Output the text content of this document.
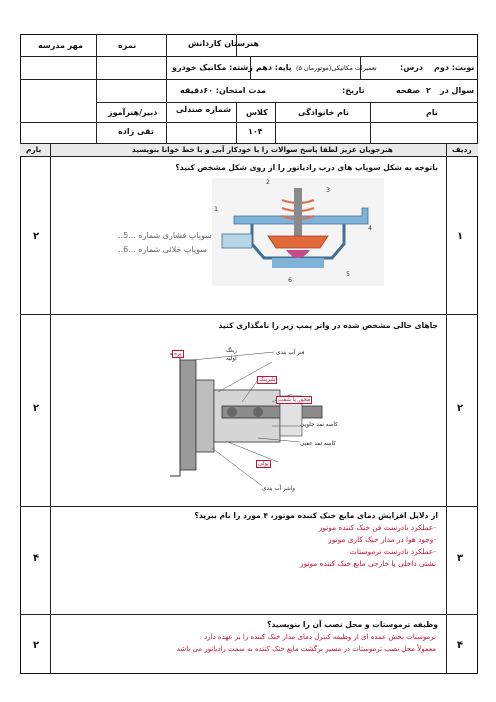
مهر مدرسه	نمره	هنرستان کاردانش
نوبت: دوم
درس:
تعمیرات مکانیکی(موتورمان ۵)
پایه: دهم
رشته: مکانیک خودرو
سوال در
۲
صفحه
تاریخ:
مدت امتحان: ۶۰دقیقه
نام
نام خانوادگی
کلاس
شماره صندلی
دبیر/هنرآموز
۱۰۴
تقی زاده
ردیف
هنرجویان عزیز لطفا پاسخ سوالات را با خودکار آبی و با خط خوانا بنویسید
بارم
۱
۲
باتوجه به شکل سوپاپ های درب رادیاتور را از روی شکل مشخص کنید؟
سوپاپ فشاری شماره ...5..
سوپاپ خلائی شماره ...6..
1
2
3
4
5
6
۲
۲
جاهای خالی مشخص شده در واتر پمپ زیر را نامگذاری کنید
فنر آب بندی
رینگ
اولیه
کاسه نمد جلویی
کاسه نمد عقبی
واشر آب بندی
پره
بلبرینگ
محور یا شفت
پولی
۳
۴
از دلایل افزایش دمای مایع خنک کننده موتور، ۴ مورد را نام ببرید؟
-عملکرد نادرست فن خنک کننده موتور
-وجود هوا در مدار خنک کاری موتور
-عملکرد نادرست ترموستات
نشتی داخلی یا خارجی مایع خنک کننده موتور
۴
۲
وظیفه ترموستات و محل نصب آن را بنویسید؟
ترموستات بخش عمده ای از وظیفه کنترل دمای مدار خنک کننده را بر عهده دارد
معمولاً محل نصب ترموستات در مسیر برگشت مایع خنک کننده به سمت رادیاتور می باشد
